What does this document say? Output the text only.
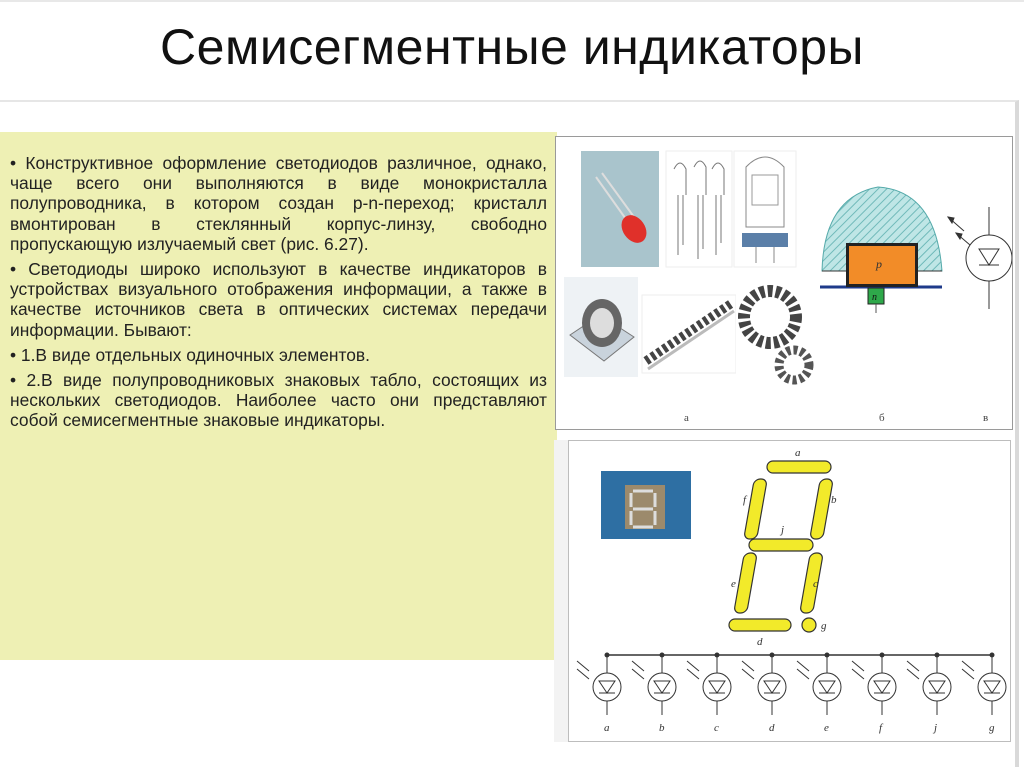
Семисегментные индикаторы
• Конструктивное оформление светодиодов различное, однако, чаще всего они выполняются в виде монокристалла полупроводника, в котором создан p-n-переход; кристалл вмонтирован в стеклянный корпус-линзу, свободно пропускающую излучаемый свет (рис. 6.27).
• Светодиоды широко используют в качестве индикаторов в устройствах визуального отображения информации, а также в качестве источников света в оптических системах передачи информации. Бывают:
• 1.В виде отдельных одиночных элементов.
• 2.В виде полупроводниковых знаковых табло, состоящих из нескольких светодиодов. Наиболее часто они представляют собой семисегментные знаковые индикаторы.
p
n
а	б	в
a
b
c
d
e
f
j
g
a	b	c	d	e	f	j	g
